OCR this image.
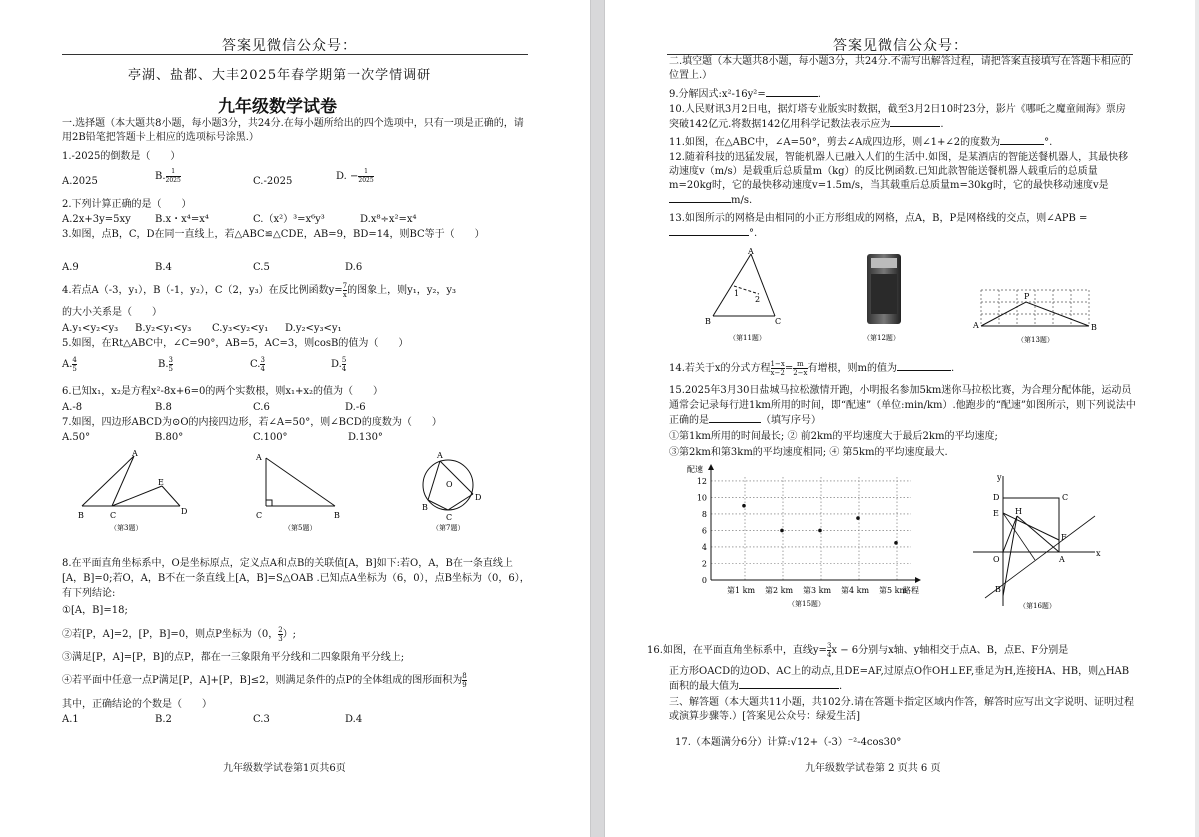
答案见微信公众号：
亭湖、盐都、大丰2025年春学期第一次学情调研
九年级数学试卷
一.选择题（本大题共8小题，每小题3分，共24分.在每小题所给出的四个选项中，只有一项是正确的，请用2B铅笔把答题卡上相应的选项标号涂黑.）
1.-2025的倒数是（　　）
A.2025	B. $\frac{1}{2025}$	C.-2025	D. − $\frac{1}{2025}$
2.下列计算正确的是（　　）
A.2x+3y=5xy B.x・x⁴=x⁴	C.（x²）³=x⁶y³	D.x⁸÷x²=x⁴
3.如图，点B，C，D在同一直线上，若△ABC≌△CDE，AB=9，BD=14，则BC等于（　　）
A.9	B.4	C.5	D.6
4.若点A（-3，y₁），B（-1，y₂），C（2，y₃）在反比例函数$y= \frac{7}{x}$ 的图象上，则y₁，y₂，y₃
的大小关系是（　　）
A.y₁<y₂<y₃ B.y₂<y₁<y₃ C.y₃<y₂<y₁ D.y₂<y₃<y₁
5.如图，在Rt△ABC中，∠C=90°，AB=5，AC=3，则cosB的值为（　　）
A. $\frac{4}{5}$	B. $\frac{3}{5}$	C. $\frac{3}{4}$	D. $\frac{5}{4}$
6.已知x₁，x₂是方程x²-8x+6=0的两个实数根，则x₁+x₂的值为（　　）
A.-8	B.8	C.6	D.-6
7.如图，四边形ABCD为⊙O的内接四边形，若∠A=50°，则∠BCD的度数为（　　）
A.50°	B.80°	C.100°	D.130°
A
B	C
E
D
（第3题）
A
C	B
（第5题）
A
O
B
C
D
（第7题）
8.在平面直角坐标系中，O是坐标原点，定义点A和点B的关联值[A，B]如下:若O，A，B在一条直线上[A，B]=0;若O，A，B不在一条直线上[A，B]=S△OAB .已知点A坐标为（6，0），点B坐标为（0，6），有下列结论:
①[A，B]=18;
②若[P，A]=2，[P，B]=0，则点P坐标为（0， $\frac{2}{3}$ ）;
③满足[P，A]=[P，B]的点P，都在一三象限角平分线和二四象限角平分线上;
④若平面中任意一点P满足[P，A]+[P，B]≤2，则满足条件的点P的全体组成的图形面积为 $\frac{8}{9}$
其中，正确结论的个数是（　　）
A.1	B.2	C.3	D.4
九年级数学试卷第1页共6页
答案见微信公众号：
二.填空题（本大题共8小题，每小题3分，共24分.不需写出解答过程，请把答案直接填写在答题卡相应的位置上.）
9.分解因式:x²-16y²=	.
10.人民财讯3月2日电，据灯塔专业版实时数据，截至3月2日10时23分，影片《哪吒之魔童闹海》票房突破142亿元.将数据142亿用科学记数法表示应为	.
11.如图，在△ABC中，∠A=50°，剪去∠A成四边形，则∠1+∠2的度数为	°.
12.随着科技的迅猛发展，智能机器人已融入人们的生活中.如图，是某酒店的智能送餐机器人，其最快移动速度v（m/s）是载重后总质量m（kg）的反比例函数.已知此款智能送餐机器人载重后的总质量m=20kg时，它的最快移动速度v=1.5m/s，当其载重后总质量m=30kg时，它的最快移动速度v是m/s.
13.如图所示的网格是由相同的小正方形组成的网格，点A，B，P是网格线的交点，则∠APB =°.
A
1
2
B	C
（第11题）	（第12题）
P
A	B
（第13题）
14.若关于x的分式方程 $\frac{1-x}{x-2} = \frac{m}{2-x}$ 有增根，则m的值为	.
15.2025年3月30日盐城马拉松激情开跑，小明报名参加5km迷你马拉松比赛，为合理分配体能，运动员通常会记录每行进1km所用的时间，即“配速”（单位:min/km）.他跑步的“配速”如图所示，则下列说法中正确的是	（填写序号）
①第1km所用的时间最长; ② 前2km的平均速度大于最后2km的平均速度;
③第2km和第3km的平均速度相同; ④ 第5km的平均速度最大.
配速
路程
0
2
4
6
8
10
12
第1 km 第2 km 第3 km 第4 km 第5 km
（第15题）
y
D	C
E H
F
O	A
x
B
（第16题）
16.如图，在平面直角坐标系中，直线$y= \frac{3}{4}$ x − 6分别与x轴、y轴相交于点A、B，点E、F分别是
正方形OACD的边OD、AC上的动点,且DE=AF,过原点O作OH⊥EF,垂足为H,连接HA、HB，则△HAB面积的最大值为	.
三、解答题（本大题共11小题，共102分.请在答题卡指定区域内作答，解答时应写出文字说明、证明过程或演算步骤等.）[答案见公众号：绿爱生活]
17.（本题满分6分）计算:√12+（-3）⁻²-4cos30°
九年级数学试卷第 2 页共 6 页
